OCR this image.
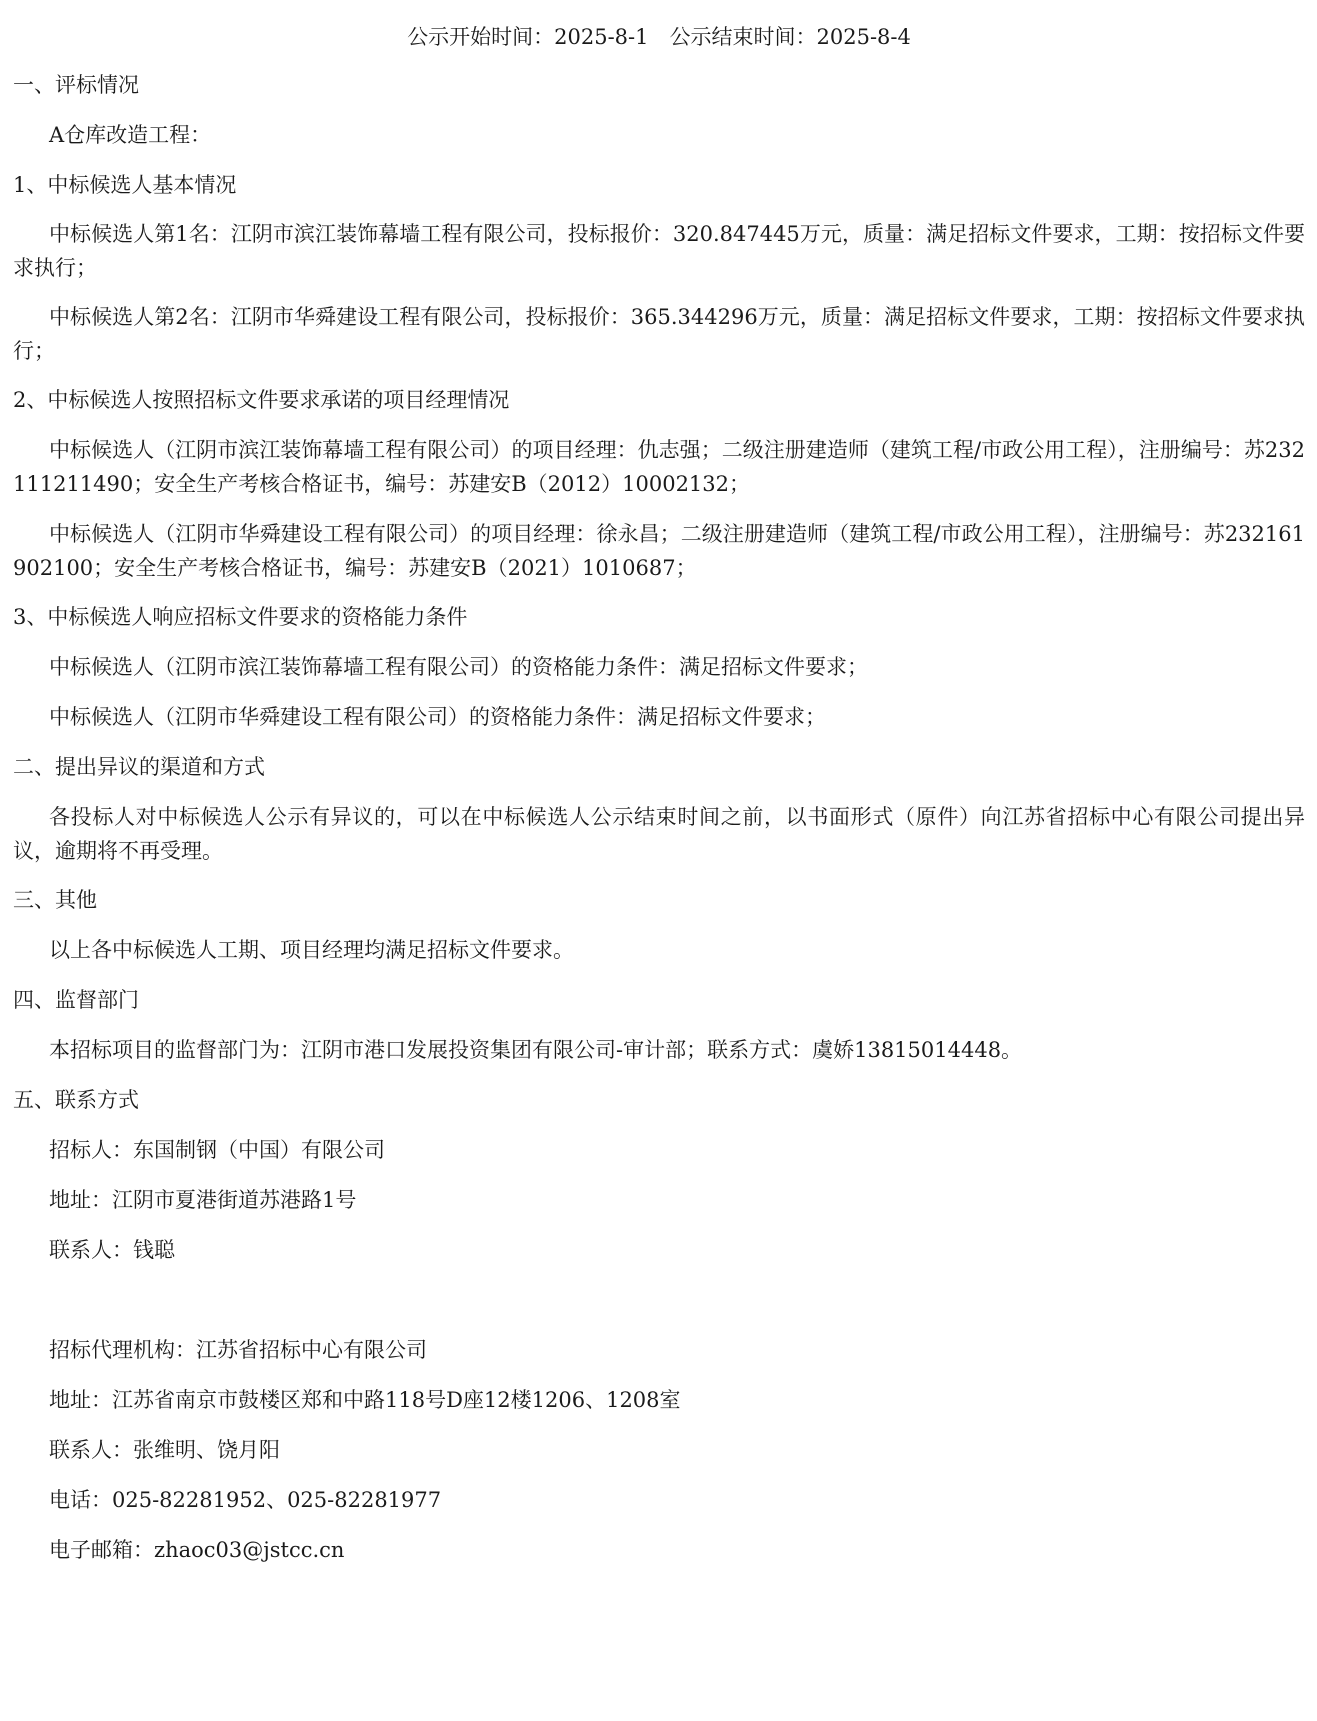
公示开始时间：2025-8-1　公示结束时间：2025-8-4
一、评标情况
A仓库改造工程：
1、中标候选人基本情况
中标候选人第1名：江阴市滨江装饰幕墙工程有限公司，投标报价：320.847445万元，质量：满足招标文件要求，工期：按招标文件要求执行；
中标候选人第2名：江阴市华舜建设工程有限公司，投标报价：365.344296万元，质量：满足招标文件要求，工期：按招标文件要求执行；
2、中标候选人按照招标文件要求承诺的项目经理情况
中标候选人（江阴市滨江装饰幕墙工程有限公司）的项目经理：仇志强；二级注册建造师（建筑工程/市政公用工程），注册编号：苏232111211490；安全生产考核合格证书，编号：苏建安B（2012）10002132；
中标候选人（江阴市华舜建设工程有限公司）的项目经理：徐永昌；二级注册建造师（建筑工程/市政公用工程），注册编号：苏232161902100；安全生产考核合格证书，编号：苏建安B（2021）1010687；
3、中标候选人响应招标文件要求的资格能力条件
中标候选人（江阴市滨江装饰幕墙工程有限公司）的资格能力条件：满足招标文件要求；
中标候选人（江阴市华舜建设工程有限公司）的资格能力条件：满足招标文件要求；
二、提出异议的渠道和方式
各投标人对中标候选人公示有异议的，可以在中标候选人公示结束时间之前，以书面形式（原件）向江苏省招标中心有限公司提出异议，逾期将不再受理。
三、其他
以上各中标候选人工期、项目经理均满足招标文件要求。
四、监督部门
本招标项目的监督部门为：江阴市港口发展投资集团有限公司-审计部；联系方式：虞娇13815014448。
五、联系方式
招标人：东国制钢（中国）有限公司
地址：江阴市夏港街道苏港路1号
联系人：钱聪
招标代理机构：江苏省招标中心有限公司
地址：江苏省南京市鼓楼区郑和中路118号D座12楼1206、1208室
联系人：张维明、饶月阳
电话：025-82281952、025-82281977
电子邮箱：zhaoc03@jstcc.cn
